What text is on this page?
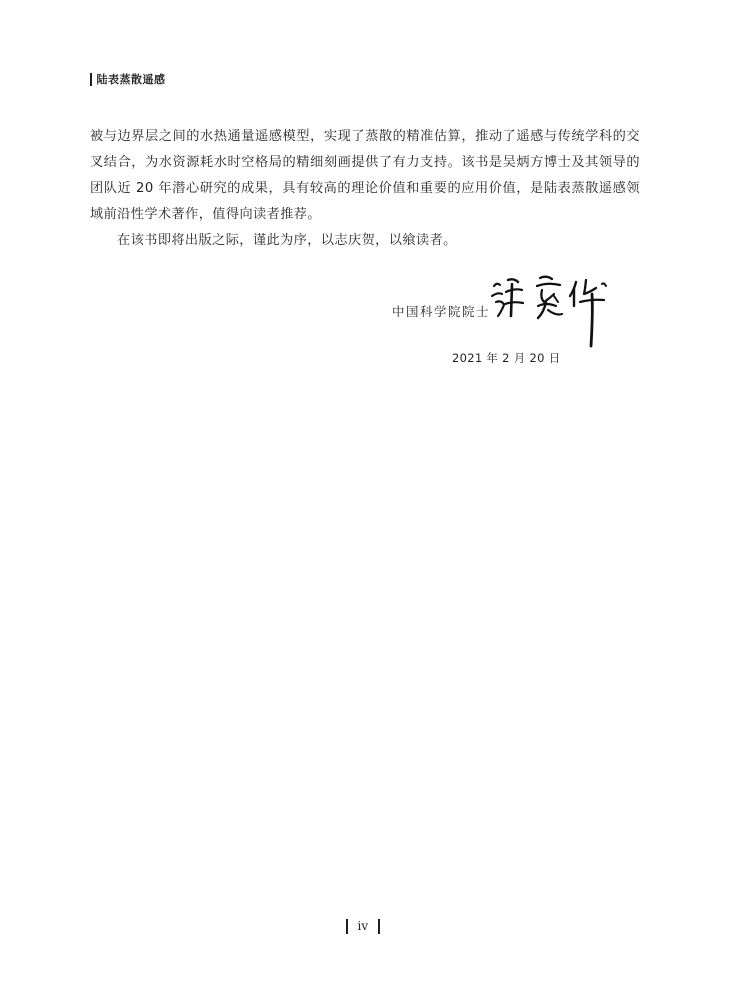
陆表蒸散遥感

被与边界层之间的水热通量遥感模型，实现了蒸散的精准估算，推动了遥感与传统学科的交叉结合，为水资源耗水时空格局的精细刻画提供了有力支持。该书是吴炳方博士及其领导的团队近 20 年潜心研究的成果，具有较高的理论价值和重要的应用价值，是陆表蒸散遥感领域前沿性学术著作，值得向读者推荐。

在该书即将出版之际，谨此为序，以志庆贺，以飨读者。

中国科学院院士
2021 年 2 月 20 日
iv
